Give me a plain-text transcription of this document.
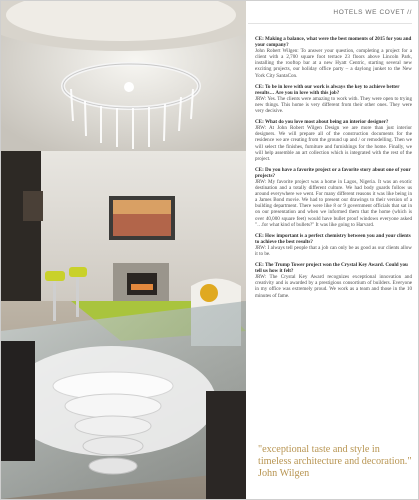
HOTELS WE COVET //

CE: Making a balance, what were the best moments of 2015 for you and your company?

John Robert Wilgen: To answer your question, completing a project for a client with a 2,700 square foot terrace 23 floors above Lincoln Park, installing the rooftop bar at a new Hyatt Centric, starting several new exciting projects, our holiday office party – a daylong junket to the New York City SantaCon.

CE: To be in love with our work is always the key to achieve better results… Are you in love with this job?

JRW: Yes. The clients were amazing to work with. They were open to trying new things. This home is very different from their other ones. They were very decisive.

CE: What do you love most about being an interior designer?

JRW: At John Robert Wilgen Design we are more than just interior designers. We will prepare all of the construction documents for the residence we are creating from the ground up and / or remodelling. Then we will select the finishes, furniture and furnishings for the home. Finally, we will help assemble an art collection which is integrated with the rest of the project.

CE: Do you have a favorite project or a favorite story about one of your projects?

JRW: My favorite project was a home in Lagos, Nigeria. It was an exotic destination and a totally different culture. We had body guards follow us around everywhere we went. For many different reasons it was like being in a James Bond movie. We had to present our drawings to their version of a building department. There were like 8 or 9 government officials that sat in on our presentation and when we informed them that the home (which is over 40,000 square feet) would have bullet proof windows everyone asked "…for what kind of bullets?" It was like going to Harvard.

CE: How important is a perfect chemistry between you and your clients to achieve the best results?

JRW: I always tell people that a job can only be as good as our clients allow it to be.

CE: The Trump Tower project won the Crystal Key Award. Could you tell us how it felt?

JRW: The Crystal Key Award recognizes exceptional innovation and creativity and is awarded by a prestigious consortium of builders. Everyone in my office was extremely proud. We work as a team and those in the 10 minutes of fame.

"exceptional taste and style in timeless architecture and decoration." John Wilgen
